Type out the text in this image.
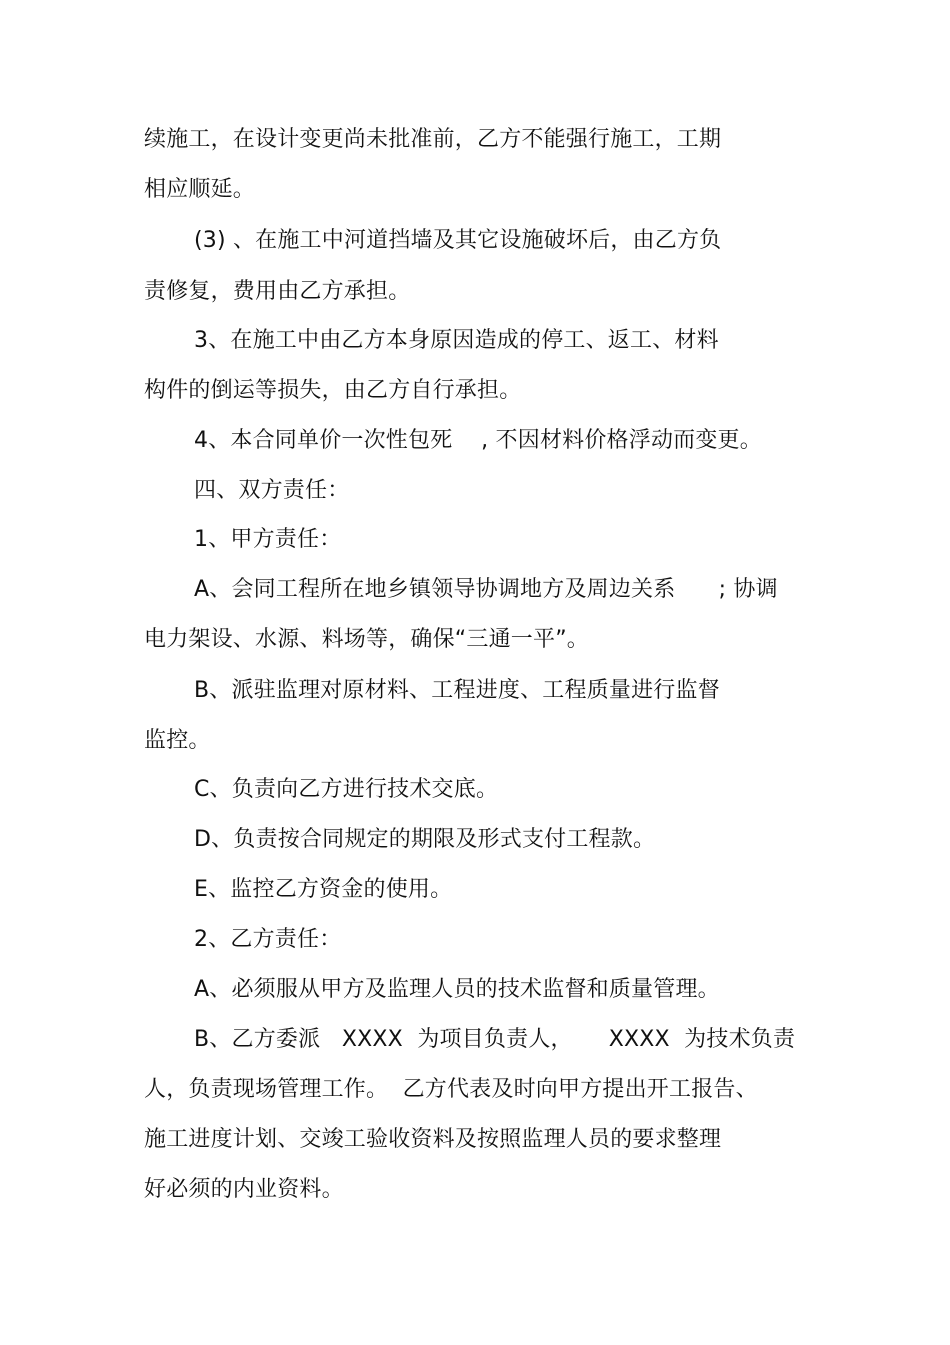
续施工，在设计变更尚未批准前，乙方不能强行施工，工期
相应顺延。
(3) 、在施工中河道挡墙及其它设施破坏后，由乙方负
责修复，费用由乙方承担。
3、在施工中由乙方本身原因造成的停工、返工、材料
构件的倒运等损失，由乙方自行承担。
4、本合同单价一次性包死    , 不因材料价格浮动而变更。
四、双方责任：
1、甲方责任：
A、会同工程所在地乡镇领导协调地方及周边关系      ; 协调
电力架设、水源、料场等，确保“三通一平”。
B、派驻监理对原材料、工程进度、工程质量进行监督
监控。
C、负责向乙方进行技术交底。
D、负责按合同规定的期限及形式支付工程款。
E、监控乙方资金的使用。
2、乙方责任：
A、必须服从甲方及监理人员的技术监督和质量管理。
B、乙方委派   XXXX  为项目负责人，     XXXX  为技术负责
人，负责现场管理工作。  乙方代表及时向甲方提出开工报告、
施工进度计划、交竣工验收资料及按照监理人员的要求整理
好必须的内业资料。
